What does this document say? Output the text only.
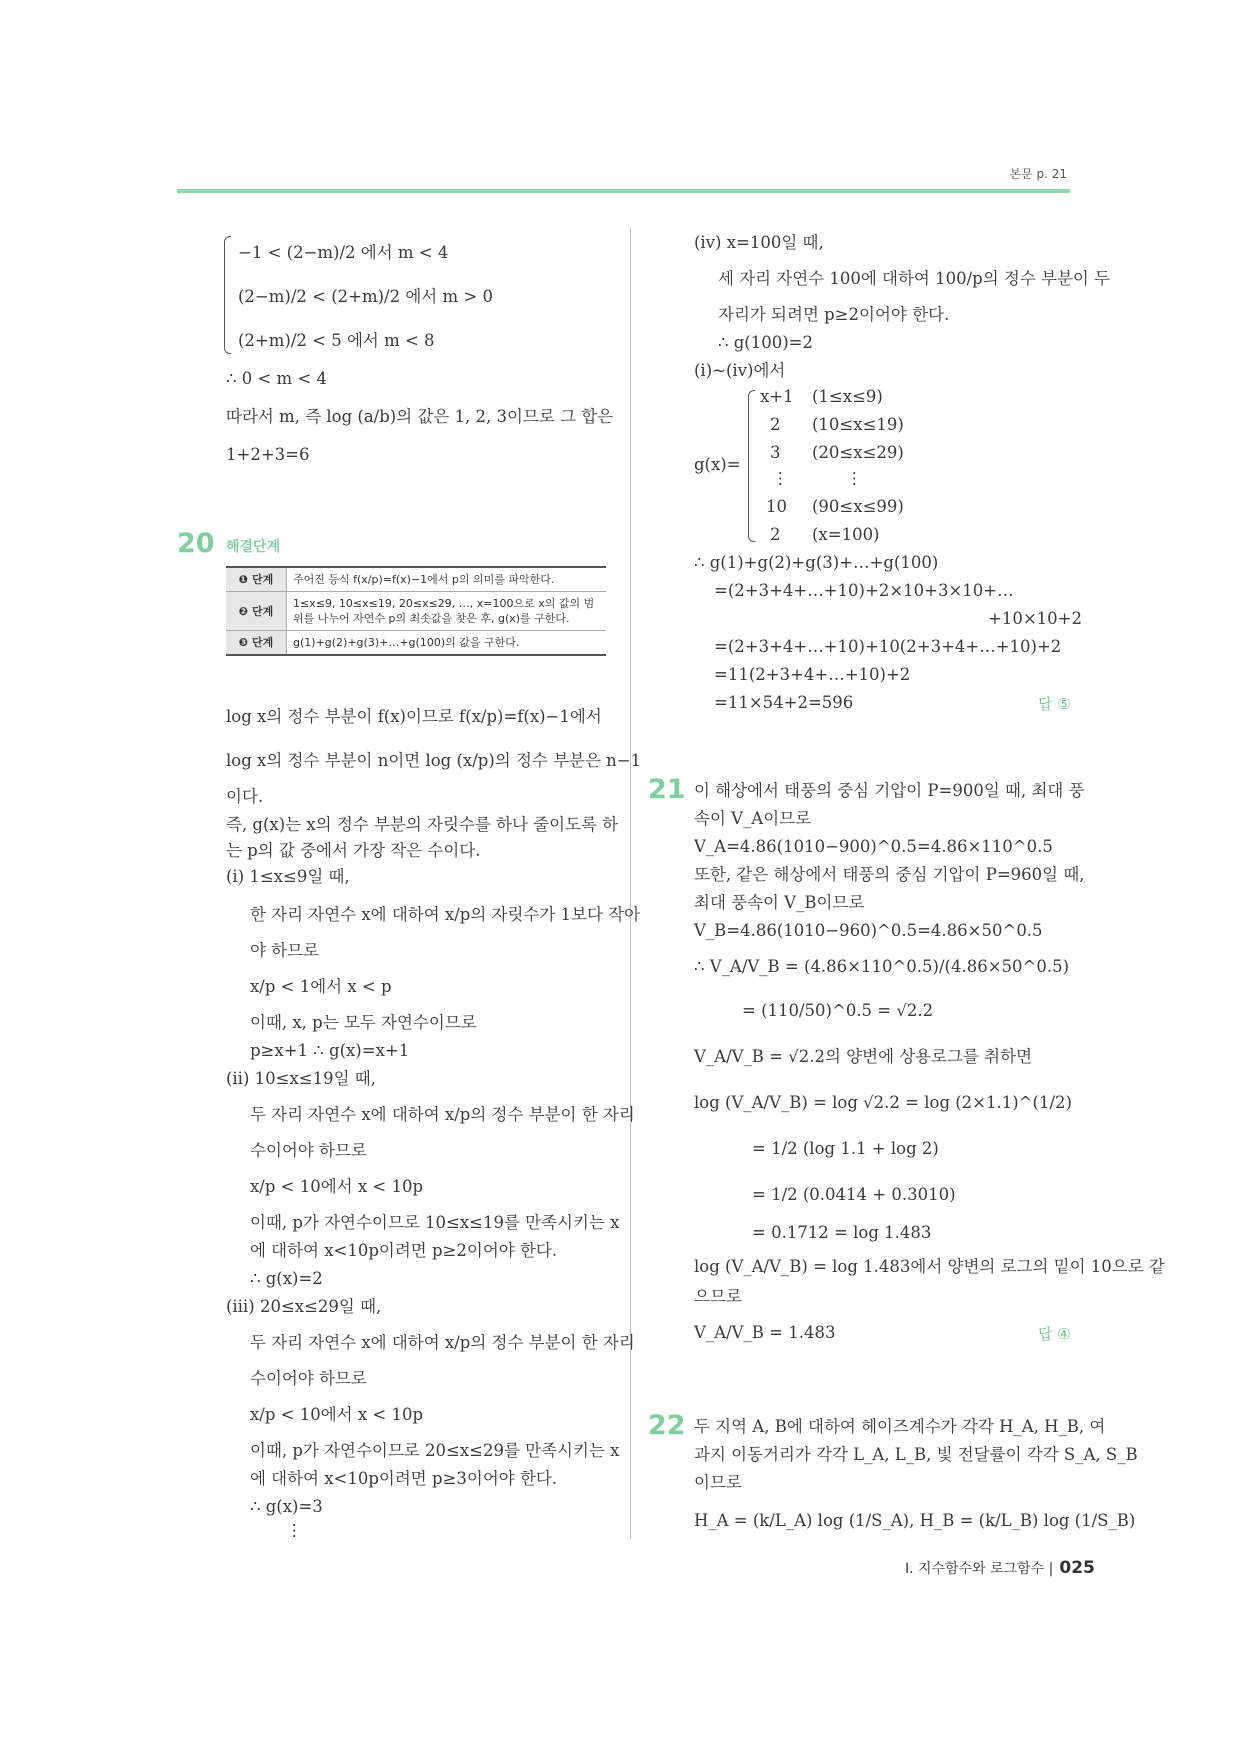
본문 p. 21
−1 < (2−m)/2 에서 m < 4
(2−m)/2 < (2+m)/2 에서 m > 0
(2+m)/2 < 5 에서 m < 8
∴ 0 < m < 4
따라서 m, 즉 log (a/b)의 값은 1, 2, 3이므로 그 합은
1+2+3=6
20 해결단계
❶ 단계	주어진 등식 f(x/p)=f(x)−1에서 p의 의미를 파악한다.
❷ 단계	1≤x≤9, 10≤x≤19, 20≤x≤29, …, x=100으로 x의 값의 범위를 나누어 자연수 p의 최솟값을 찾은 후, g(x)를 구한다.
❸ 단계	g(1)+g(2)+g(3)+…+g(100)의 값을 구한다.
log x의 정수 부분이 f(x)이므로 f(x/p)=f(x)−1에서
log x의 정수 부분이 n이면 log (x/p)의 정수 부분은 n−1
이다.
즉, g(x)는 x의 정수 부분의 자릿수를 하나 줄이도록 하
는 p의 값 중에서 가장 작은 수이다.
(ⅰ) 1≤x≤9일 때,
한 자리 자연수 x에 대하여 x/p의 자릿수가 1보다 작아
야 하므로
x/p < 1에서 x < p
이때, x, p는 모두 자연수이므로
p≥x+1 ∴ g(x)=x+1
(ⅱ) 10≤x≤19일 때,
두 자리 자연수 x에 대하여 x/p의 정수 부분이 한 자리
수이어야 하므로
x/p < 10에서 x < 10p
이때, p가 자연수이므로 10≤x≤19를 만족시키는 x
에 대하여 x<10p이려면 p≥2이어야 한다.
∴ g(x)=2
(ⅲ) 20≤x≤29일 때,
두 자리 자연수 x에 대하여 x/p의 정수 부분이 한 자리
수이어야 하므로
x/p < 10에서 x < 10p
이때, p가 자연수이므로 20≤x≤29를 만족시키는 x
에 대하여 x<10p이려면 p≥3이어야 한다.
∴ g(x)=3
⋮
(ⅳ) x=100일 때,
세 자리 자연수 100에 대하여 100/p의 정수 부분이 두
자리가 되려면 p≥2이어야 한다.
∴ g(100)=2
(ⅰ)~(ⅳ)에서
g(x)=
x+1 (1≤x≤9)
2 (10≤x≤19)
3 (20≤x≤29)
⋮	⋮
10 (90≤x≤99)
2 (x=100)
∴ g(1)+g(2)+g(3)+…+g(100)
=(2+3+4+…+10)+2×10+3×10+…
+10×10+2
=(2+3+4+…+10)+10(2+3+4+…+10)+2
=11(2+3+4+…+10)+2
=11×54+2=596	답 ⑤
21 이 해상에서 태풍의 중심 기압이 P=900일 때, 최대 풍
속이 V_A이므로
V_A=4.86(1010−900)^0.5=4.86×110^0.5
또한, 같은 해상에서 태풍의 중심 기압이 P=960일 때,
최대 풍속이 V_B이므로
V_B=4.86(1010−960)^0.5=4.86×50^0.5
∴ V_A/V_B = (4.86×110^0.5)/(4.86×50^0.5)
= (110/50)^0.5 = √2.2
V_A/V_B = √2.2의 양변에 상용로그를 취하면
log (V_A/V_B) = log √2.2 = log (2×1.1)^(1/2)
= 1/2 (log 1.1 + log 2)
= 1/2 (0.0414 + 0.3010)
= 0.1712 = log 1.483
log (V_A/V_B) = log 1.483에서 양변의 로그의 밑이 10으로 같
으므로
V_A/V_B = 1.483	답 ④
22 두 지역 A, B에 대하여 헤이즈계수가 각각 H_A, H_B, 여
과지 이동거리가 각각 L_A, L_B, 빛 전달률이 각각 S_A, S_B
이므로
H_A = (k/L_A) log (1/S_A), H_B = (k/L_B) log (1/S_B)
Ⅰ. 지수함수와 로그함수 | 025
